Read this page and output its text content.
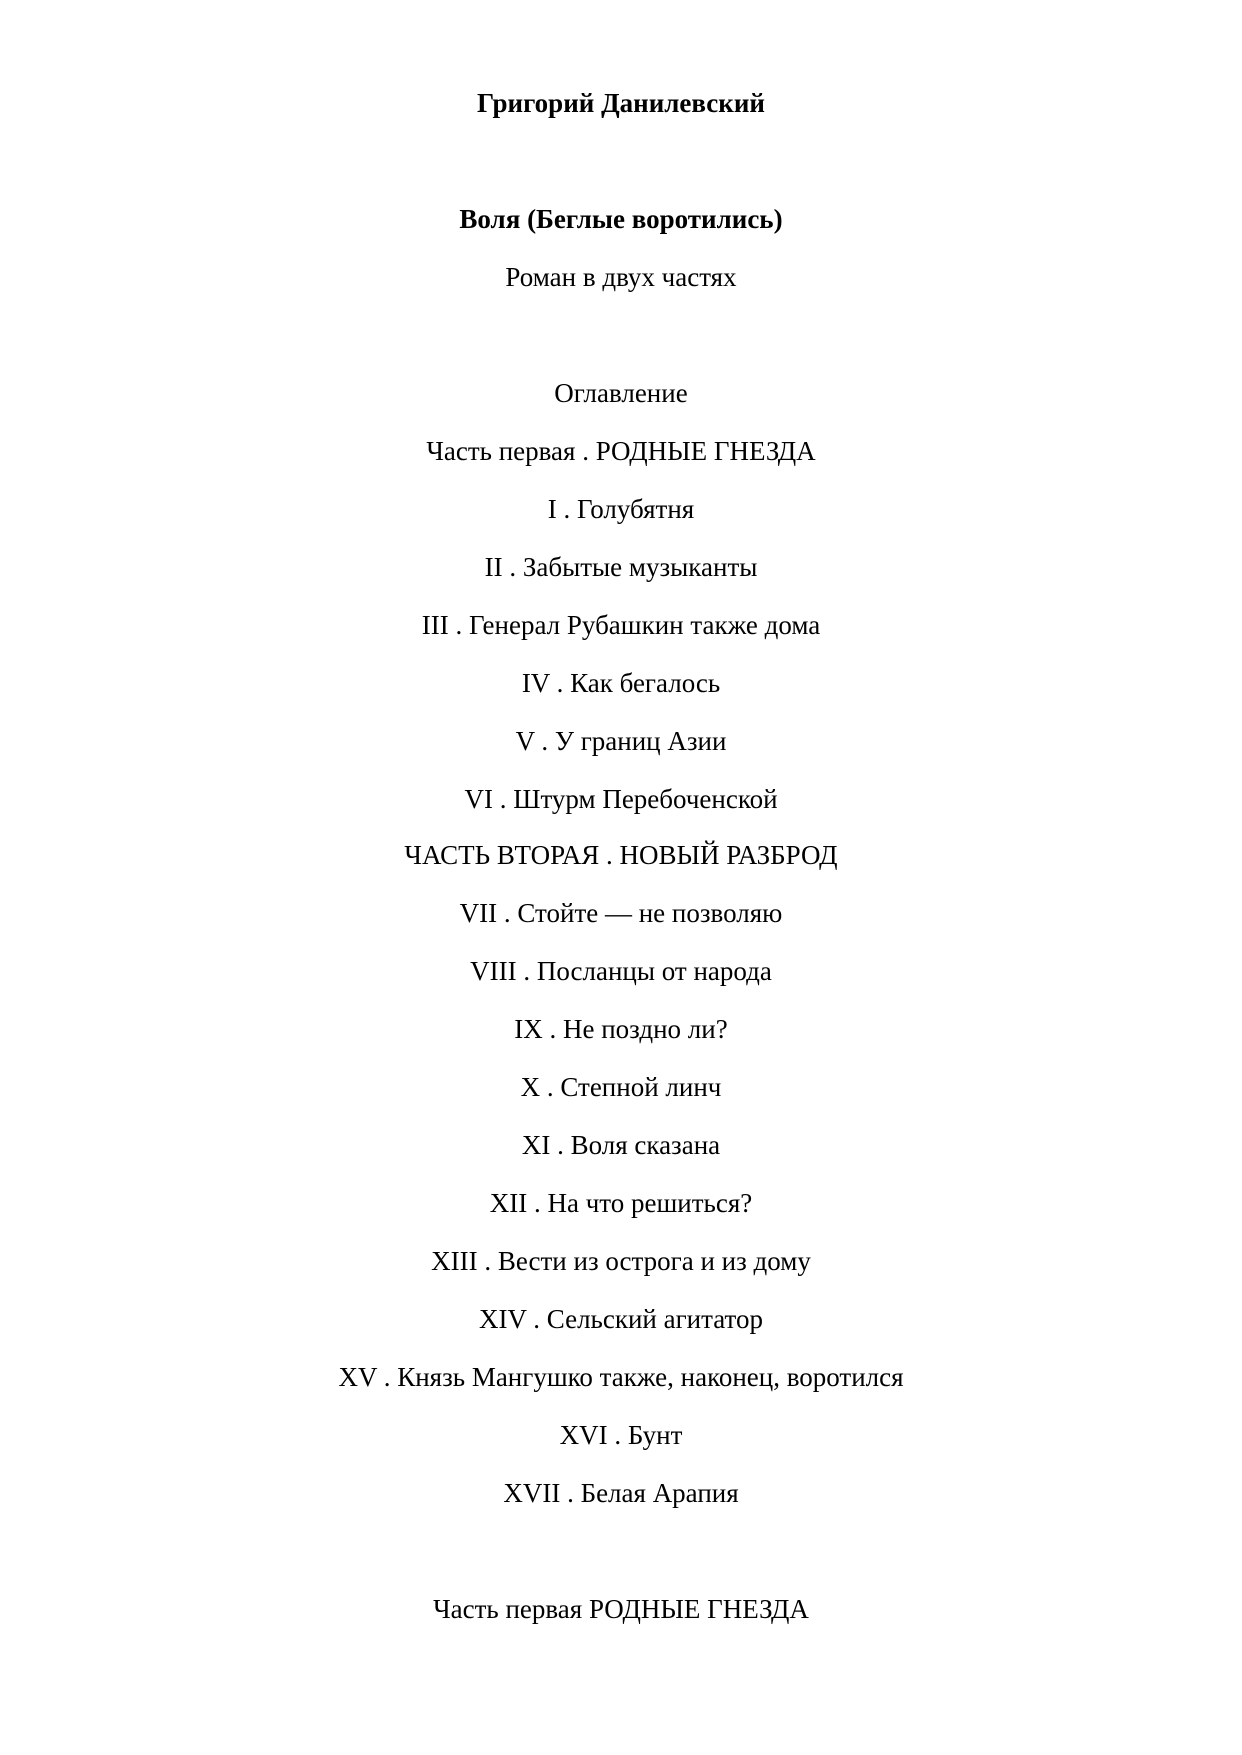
Григорий Данилевский
Воля (Беглые воротились)
Роман в двух частях
Оглавление
Часть первая . РОДНЫЕ ГНЕЗДА
I . Голубятня
II . Забытые музыканты
III . Генерал Рубашкин также дома
IV . Как бегалось
V . У границ Азии
VI . Штурм Перебоченской
ЧАСТЬ ВТОРАЯ . НОВЫЙ РАЗБРОД
VII . Стойте — не позволяю
VIII . Посланцы от народа
IX . Не поздно ли?
X . Степной линч
XI . Воля сказана
XII . На что решиться?
XIII . Вести из острога и из дому
XIV . Сельский агитатор
XV . Князь Мангушко также, наконец, воротился
XVI . Бунт
XVII . Белая Арапия
Часть первая РОДНЫЕ ГНЕЗДА
